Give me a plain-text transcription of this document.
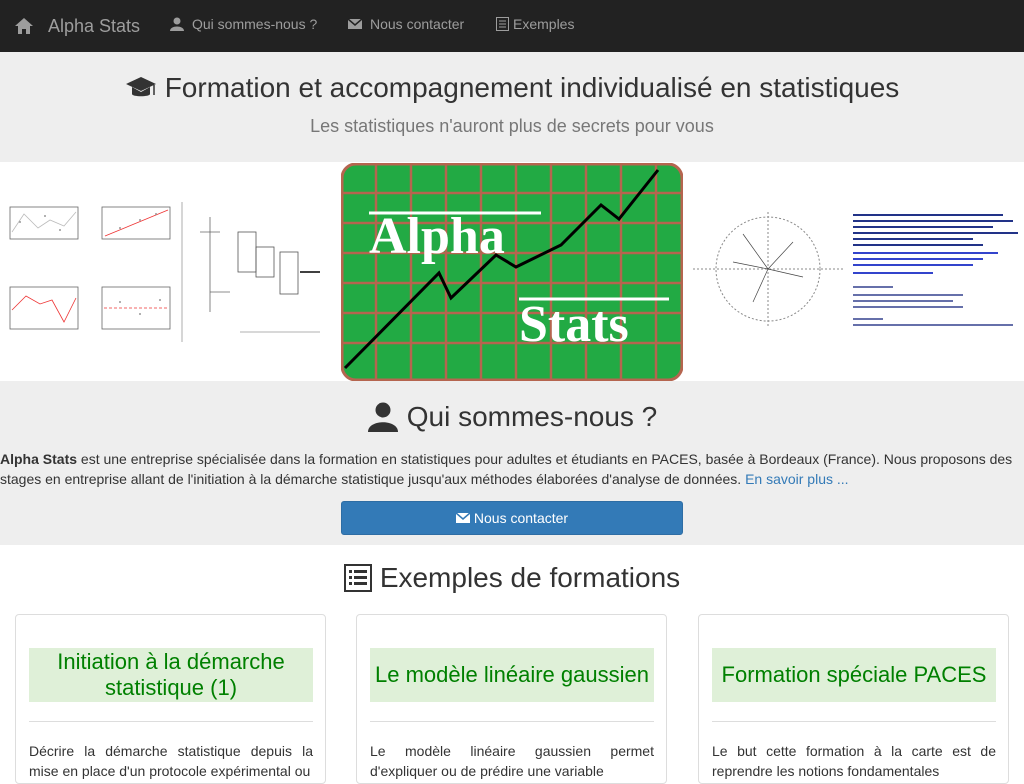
Alpha Stats	Qui sommes-nous ?	Nous contacter	Exemples
Formation et accompagnement individualisé en statistiques
Les statistiques n'auront plus de secrets pour vous
Alpha
Stats
Qui sommes-nous ?
Alpha Stats est une entreprise spécialisée dans la formation en statistiques pour adultes et étudiants en PACES, basée à Bordeaux (France). Nous proposons des stages en entreprise allant de l'initiation à la démarche statistique jusqu'aux méthodes élaborées d'analyse de données. En savoir plus ...
Nous contacter
Exemples de formations
Initiation à la démarche statistique (1)
Décrire la démarche statistique depuis la mise en place d'un protocole expérimental ou
Le modèle linéaire gaussien
Le modèle linéaire gaussien permet d'expliquer ou de prédire une variable
Formation spéciale PACES
Le but cette formation à la carte est de reprendre les notions fondamentales
